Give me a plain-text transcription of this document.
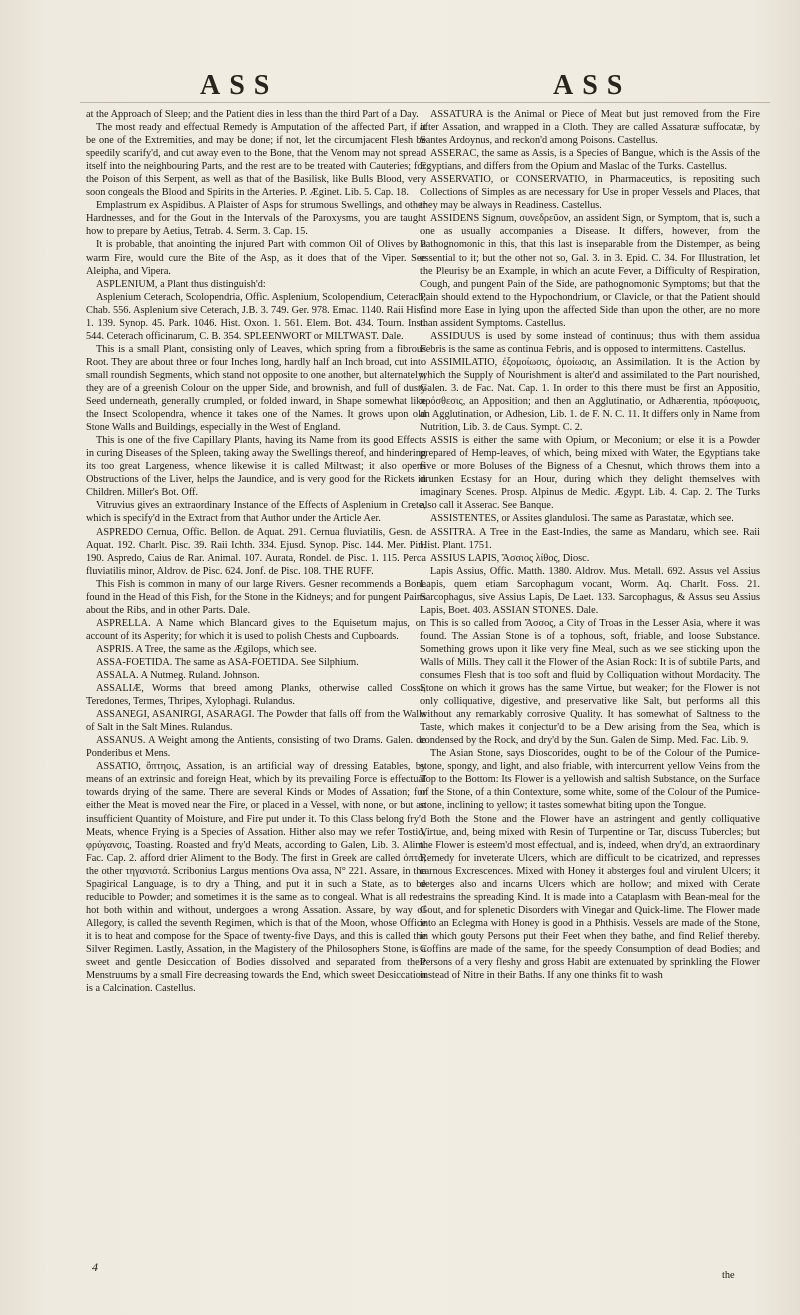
ASS	ASS

at the Approach of Sleep; and the Patient dies in less than the third Part of a Day.

The most ready and effectual Remedy is Amputation of the affected Part, if it be one of the Extremities, and may be done; if not, let the circumjacent Flesh be speedily scarify'd, and cut away even to the Bone, that the Venom may not spread itself into the neighbouring Parts, and the rest are to be treated with Cauteries; for the Poison of this Serpent, as well as that of the Basilisk, like Bulls Blood, very soon congeals the Blood and Spirits in the Arteries. P. Æginet. Lib. 5. Cap. 18.

Emplastrum ex Aspidibus. A Plaister of Asps for strumous Swellings, and other Hardnesses, and for the Gout in the Intervals of the Paroxysms, you are taught how to prepare by Aetius, Tetrab. 4. Serm. 3. Cap. 15.

It is probable, that anointing the injured Part with common Oil of Olives by a warm Fire, would cure the Bite of the Asp, as it does that of the Viper. See Aleipha, and Vipera.

ASPLENIUM, a Plant thus distinguish'd:

Asplenium Ceterach, Scolopendria, Offic. Asplenium, Scolopendium, Ceterach, Chab. 556. Asplenium sive Ceterach, J.B. 3. 749. Ger. 978. Emac. 1140. Raii Hist. 1. 139. Synop. 45. Park. 1046. Hist. Oxon. 1. 561. Elem. Bot. 434. Tourn. Inst. 544. Ceterach officinarum, C. B. 354. SPLEENWORT or MILTWAST. Dale.

This is a small Plant, consisting only of Leaves, which spring from a fibrous Root. They are about three or four Inches long, hardly half an Inch broad, cut into small roundish Segments, which stand not opposite to one another, but alternately; they are of a greenish Colour on the upper Side, and brownish, and full of dusty Seed underneath, generally crumpled, or folded inward, in Shape somewhat like the Insect Scolopendra, whence it takes one of the Names. It grows upon old Stone Walls and Buildings, especially in the West of England.

This is one of the five Capillary Plants, having its Name from its good Effects in curing Diseases of the Spleen, taking away the Swellings thereof, and hindering its too great Largeness, whence likewise it is called Miltwast; it also opens Obstructions of the Liver, helps the Jaundice, and is very good for the Rickets in Children. Miller's Bot. Off.

Vitruvius gives an extraordinary Instance of the Effects of Asplenium in Crete, which is specify'd in the Extract from that Author under the Article Aer.

ASPREDO Cernua, Offic. Bellon. de Aquat. 291. Cernua fluviatilis, Gesn. de Aquat. 192. Charlt. Pisc. 39. Raii Ichth. 334. Ejusd. Synop. Pisc. 144. Mer. Pin. 190. Aspredo, Caius de Rar. Animal. 107. Aurata, Rondel. de Pisc. 1. 115. Perca fluviatilis minor, Aldrov. de Pisc. 624. Jonf. de Pisc. 108. THE RUFF.

This Fish is common in many of our large Rivers. Gesner recommends a Bone found in the Head of this Fish, for the Stone in the Kidneys; and for pungent Pains about the Ribs, and in other Parts. Dale.

ASPRELLA. A Name which Blancard gives to the Equisetum majus, on account of its Asperity; for which it is used to polish Chests and Cupboards.

ASPRIS. A Tree, the same as the Ægilops, which see.

ASSA-FOETIDA. The same as ASA-FOETIDA. See Silphium.

ASSALA. A Nutmeg. Ruland. Johnson.

ASSALIÆ, Worms that breed among Planks, otherwise called Cossi, Teredones, Termes, Thripes, Xylophagi. Rulandus.

ASSANEGI, ASANIRGI, ASARAGI. The Powder that falls off from the Walls of Salt in the Salt Mines. Rulandus.

ASSANUS. A Weight among the Antients, consisting of two Drams. Galen. de Ponderibus et Mens.

ASSATIO, ὄπτησις, Assation, is an artificial way of dressing Eatables, by means of an extrinsic and foreign Heat, which by its prevailing Force is effectual towards drying of the same. There are several Kinds or Modes of Assation; for either the Meat is moved near the Fire, or placed in a Vessel, with none, or but an insufficient Quantity of Moisture, and Fire put under it. To this Class belong fry'd Meats, whence Frying is a Species of Assation. Hither also may we refer Tostio, φρύγανσις, Toasting. Roasted and fry'd Meats, according to Galen, Lib. 3. Alim. Fac. Cap. 2. afford drier Aliment to the Body. The first in Greek are called ὀπτά, the other τηγανιστά. Scribonius Largus mentions Ova assa, N° 221. Assare, in the Spagirical Language, is to dry a Thing, and put it in such a State, as to be reducible to Powder; and sometimes it is the same as to congeal. What is all red-hot both within and without, undergoes a wrong Assation. Assare, by way of Allegory, is called the seventh Regimen, which is that of the Moon, whose Office it is to heat and compose for the Space of twenty-five Days, and this is called the Silver Regimen. Lastly, Assation, in the Magistery of the Philosophers Stone, is a sweet and gentle Desiccation of Bodies dissolved and separated from their Menstruums by a small Fire decreasing towards the End, which sweet Desiccation is a Calcination. Castellus.

ASSATURA is the Animal or Piece of Meat but just removed from the Fire after Assation, and wrapped in a Cloth. They are called Assaturæ suffocatæ, by Santes Ardoynus, and reckon'd among Poisons. Castellus.

ASSERAC, the same as Assis, is a Species of Bangue, which is the Assis of the Egyptians, and differs from the Opium and Maslac of the Turks. Castellus.

ASSERVATIO, or CONSERVATIO, in Pharmaceutics, is repositing such Collections of Simples as are necessary for Use in proper Vessels and Places, that they may be always in Readiness. Castellus.

ASSIDENS Signum, συνεδρεῦον, an assident Sign, or Symptom, that is, such a one as usually accompanies a Disease. It differs, however, from the Pathognomonic in this, that this last is inseparable from the Distemper, as being essential to it; but the other not so, Gal. 3. in 3. Epid. C. 34. For Illustration, let the Pleurisy be an Example, in which an acute Fever, a Difficulty of Respiration, Cough, and pungent Pain of the Side, are pathognomonic Symptoms; but that the Pain should extend to the Hypochondrium, or Clavicle, or that the Patient should find more Ease in lying upon the affected Side than upon the other, are no more than assident Symptoms. Castellus.

ASSIDUUS is used by some instead of continuus; thus with them assidua Febris is the same as continua Febris, and is opposed to intermittens. Castellus.

ASSIMILATIO, ἐξομοίωσις, ὁμοίωσις, an Assimilation. It is the Action by which the Supply of Nourishment is alter'd and assimilated to the Part nourished, Galen. 3. de Fac. Nat. Cap. 1. In order to this there must be first an Appositio, πρόσθεσις, an Apposition; and then an Agglutinatio, or Adhærentia, πρόσφυσις, an Agglutination, or Adhesion, Lib. 1. de F. N. C. 11. It differs only in Name from Nutrition, Lib. 3. de Caus. Sympt. C. 2.

ASSIS is either the same with Opium, or Meconium; or else it is a Powder prepared of Hemp-leaves, of which, being mixed with Water, the Egyptians take five or more Boluses of the Bigness of a Chesnut, which throws them into a drunken Ecstasy for an Hour, during which they delight themselves with imaginary Scenes. Prosp. Alpinus de Medic. Ægypt. Lib. 4. Cap. 2. The Turks also call it Asserac. See Banque.

ASSISTENTES, or Assites glandulosi. The same as Parastatæ, which see.

ASSITRA. A Tree in the East-Indies, the same as Mandaru, which see. Raii Hist. Plant. 1751.

ASSIUS LAPIS, Ἄσσιος λίθος, Diosc.

Lapis Assius, Offic. Matth. 1380. Aldrov. Mus. Metall. 692. Assus vel Assius Lapis, quem etiam Sarcophagum vocant, Worm. Aq. Charlt. Foss. 21. Sarcophagus, sive Assius Lapis, De Laet. 133. Sarcophagus, & Assus seu Assius Lapis, Boet. 403. ASSIAN STONES. Dale.

This is so called from Ἄσσος, a City of Troas in the Lesser Asia, where it was found. The Assian Stone is of a tophous, soft, friable, and loose Substance. Something grows upon it like very fine Meal, such as we see sticking upon the Walls of Mills. They call it the Flower of the Asian Rock: It is of subtile Parts, and consumes Flesh that is too soft and fluid by Colliquation without Mordacity. The Stone on which it grows has the same Virtue, but weaker; for the Flower is not only colliquative, digestive, and preservative like Salt, but performs all this without any remarkably corrosive Quality. It has somewhat of Saltness to the Taste, which makes it conjectur'd to be a Dew arising from the Sea, which is condensed by the Rock, and dry'd by the Sun. Galen de Simp. Med. Fac. Lib. 9.

The Asian Stone, says Dioscorides, ought to be of the Colour of the Pumice-stone, spongy, and light, and also friable, with intercurrent yellow Veins from the Top to the Bottom: Its Flower is a yellowish and saltish Substance, on the Surface of the Stone, of a thin Contexture, some white, some of the Colour of the Pumice-stone, inclining to yellow; it tastes somewhat biting upon the Tongue.

Both the Stone and the Flower have an astringent and gently colliquative Virtue, and, being mixed with Resin of Turpentine or Tar, discuss Tubercles; but the Flower is esteem'd most effectual, and is, indeed, when dry'd, an extraordinary Remedy for inveterate Ulcers, which are difficult to be cicatrized, and represses carnous Excrescences. Mixed with Honey it absterges foul and virulent Ulcers; it deterges also and incarns Ulcers which are hollow; and mixed with Cerate restrains the spreading Kind. It is made into a Cataplasm with Bean-meal for the Gout, and for splenetic Disorders with Vinegar and Quick-lime. The Flower made into an Eclegma with Honey is good in a Phthisis. Vessels are made of the Stone, in which gouty Persons put their Feet when they bathe, and find Relief thereby. Coffins are made of the same, for the speedy Consumption of dead Bodies; and Persons of a very fleshy and gross Habit are extenuated by sprinkling the Flower instead of Nitre in their Baths. If any one thinks fit to wash

4
the
